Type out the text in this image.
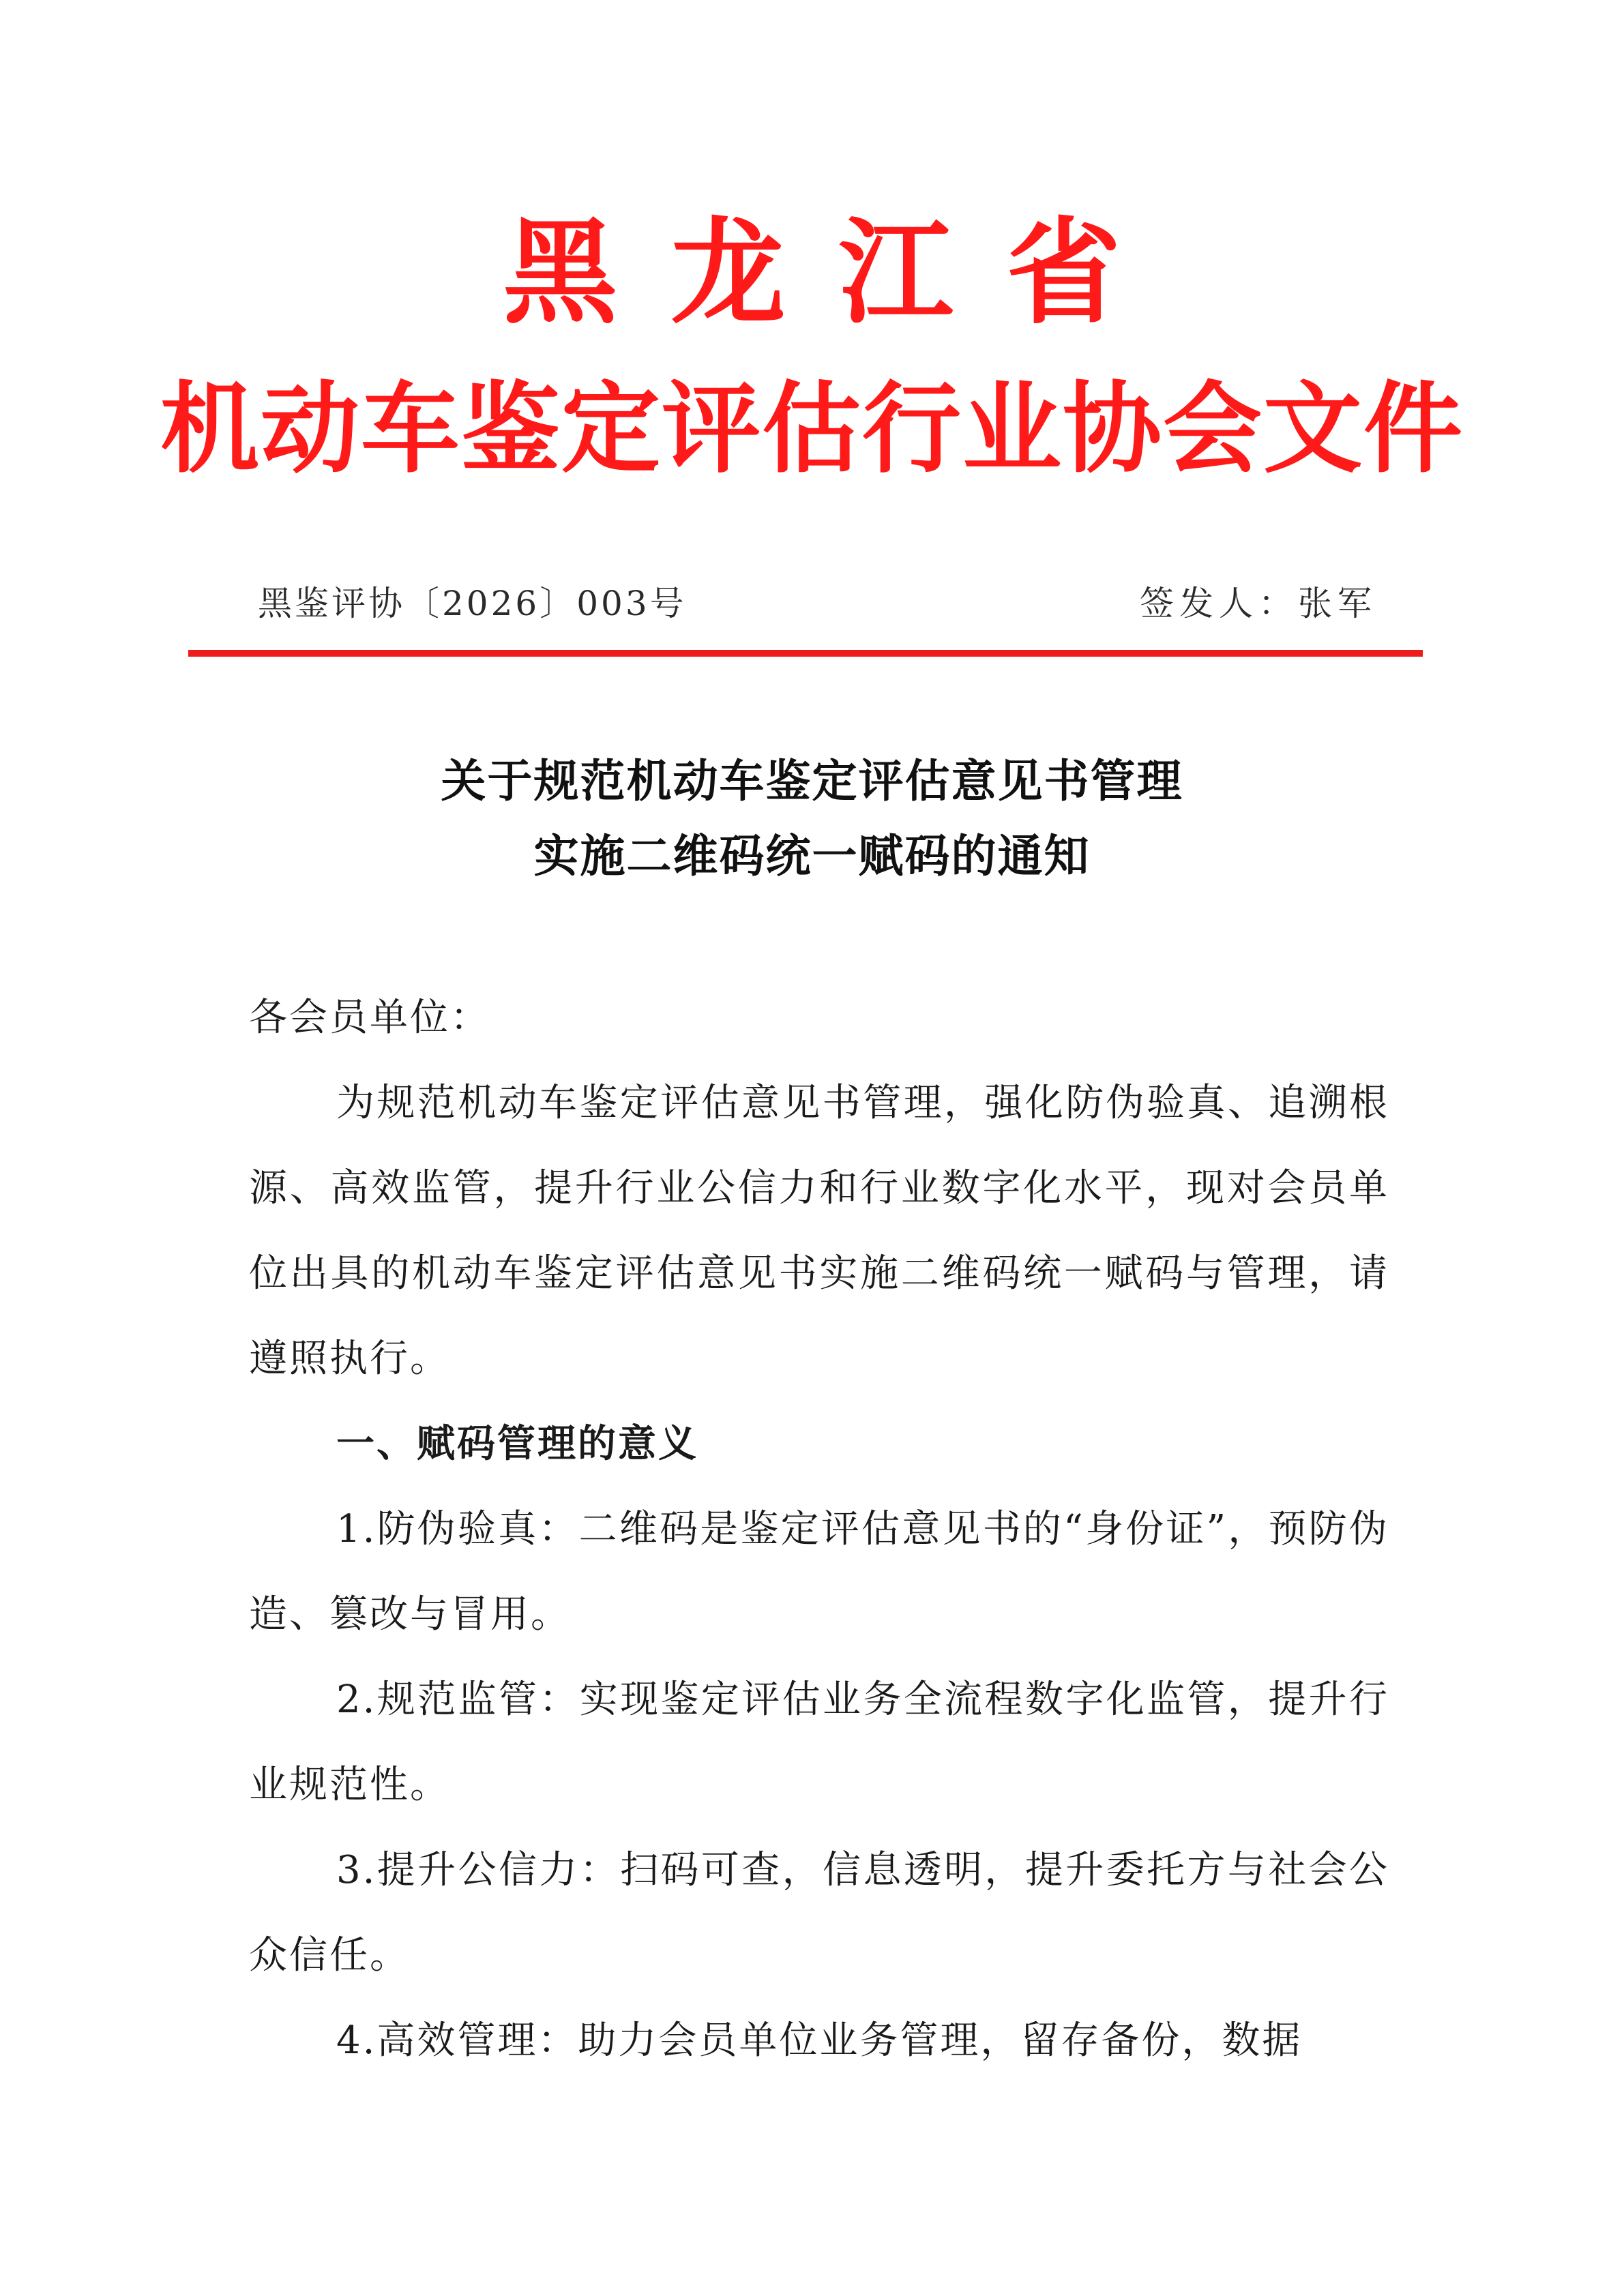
黑龙江省
机动车鉴定评估行业协会文件
黑鉴评协〔2026〕003号	签发人：张军
关于规范机动车鉴定评估意见书管理
实施二维码统一赋码的通知

各会员单位：

为规范机动车鉴定评估意见书管理，强化防伪验真、追溯根源、高效监管，提升行业公信力和行业数字化水平，现对会员单位出具的机动车鉴定评估意见书实施二维码统一赋码与管理，请遵照执行。

一、赋码管理的意义

1.防伪验真：二维码是鉴定评估意见书的“身份证”，预防伪造、篡改与冒用。

2.规范监管：实现鉴定评估业务全流程数字化监管，提升行业规范性。

3.提升公信力：扫码可查，信息透明，提升委托方与社会公众信任。

4.高效管理：助力会员单位业务管理，留存备份，数据
